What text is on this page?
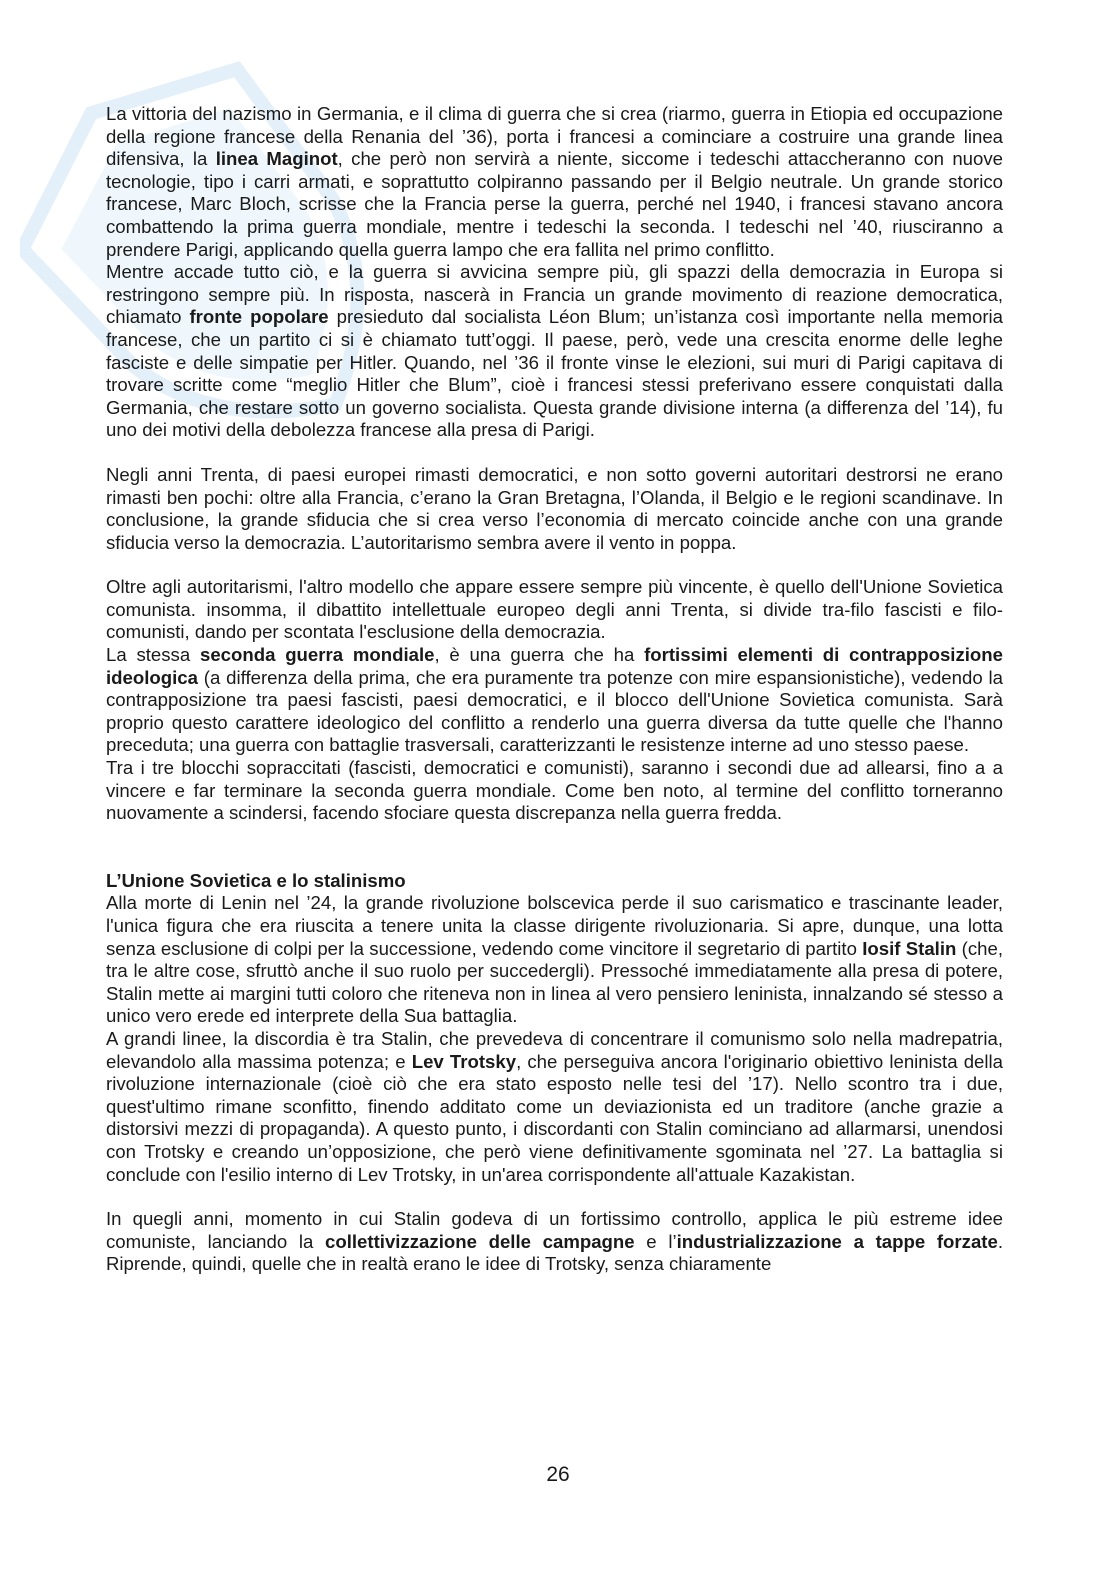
La vittoria del nazismo in Germania, e il clima di guerra che si crea (riarmo, guerra in Etiopia ed occupazione della regione francese della Renania del ’36), porta i francesi a cominciare a costruire una grande linea difensiva, la linea Maginot, che però non servirà a niente, siccome i tedeschi attaccheranno con nuove tecnologie, tipo i carri armati, e soprattutto colpiranno passando per il Belgio neutrale. Un grande storico francese, Marc Bloch, scrisse che la Francia perse la guerra, perché nel 1940, i francesi stavano ancora combattendo la prima guerra mondiale, mentre i tedeschi la seconda. I tedeschi nel ’40, riusciranno a prendere Parigi, applicando quella guerra lampo che era fallita nel primo conflitto.

Mentre accade tutto ciò, e la guerra si avvicina sempre più, gli spazzi della democrazia in Europa si restringono sempre più. In risposta, nascerà in Francia un grande movimento di reazione democratica, chiamato fronte popolare presieduto dal socialista Léon Blum; un’istanza così importante nella memoria francese, che un partito ci si è chiamato tutt’oggi. Il paese, però, vede una crescita enorme delle leghe fasciste e delle simpatie per Hitler. Quando, nel ’36 il fronte vinse le elezioni, sui muri di Parigi capitava di trovare scritte come “meglio Hitler che Blum”, cioè i francesi stessi preferivano essere conquistati dalla Germania, che restare sotto un governo socialista. Questa grande divisione interna (a differenza del ’14), fu uno dei motivi della debolezza francese alla presa di Parigi.

Negli anni Trenta, di paesi europei rimasti democratici, e non sotto governi autoritari destrorsi ne erano rimasti ben pochi: oltre alla Francia, c’erano la Gran Bretagna, l’Olanda, il Belgio e le regioni scandinave. In conclusione, la grande sfiducia che si crea verso l’economia di mercato coincide anche con una grande sfiducia verso la democrazia. L’autoritarismo sembra avere il vento in poppa.

Oltre agli autoritarismi, l'altro modello che appare essere sempre più vincente, è quello dell'Unione Sovietica comunista. insomma, il dibattito intellettuale europeo degli anni Trenta, si divide tra-filo fascisti e filo-comunisti, dando per scontata l'esclusione della democrazia.

La stessa seconda guerra mondiale, è una guerra che ha fortissimi elementi di contrapposizione ideologica (a differenza della prima, che era puramente tra potenze con mire espansionistiche), vedendo la contrapposizione tra paesi fascisti, paesi democratici, e il blocco dell'Unione Sovietica comunista. Sarà proprio questo carattere ideologico del conflitto a renderlo una guerra diversa da tutte quelle che l'hanno preceduta; una guerra con battaglie trasversali, caratterizzanti le resistenze interne ad uno stesso paese.

Tra i tre blocchi sopraccitati (fascisti, democratici e comunisti), saranno i secondi due ad allearsi, fino a a vincere e far terminare la seconda guerra mondiale. Come ben noto, al termine del conflitto torneranno nuovamente a scindersi, facendo sfociare questa discrepanza nella guerra fredda.

L’Unione Sovietica e lo stalinismo

Alla morte di Lenin nel ’24, la grande rivoluzione bolscevica perde il suo carismatico e trascinante leader, l'unica figura che era riuscita a tenere unita la classe dirigente rivoluzionaria. Si apre, dunque, una lotta senza esclusione di colpi per la successione, vedendo come vincitore il segretario di partito Iosif Stalin (che, tra le altre cose, sfruttò anche il suo ruolo per succedergli). Pressoché immediatamente alla presa di potere, Stalin mette ai margini tutti coloro che riteneva non in linea al vero pensiero leninista, innalzando sé stesso a unico vero erede ed interprete della Sua battaglia.

A grandi linee, la discordia è tra Stalin, che prevedeva di concentrare il comunismo solo nella madrepatria, elevandolo alla massima potenza; e Lev Trotsky, che perseguiva ancora l'originario obiettivo leninista della rivoluzione internazionale (cioè ciò che era stato esposto nelle tesi del ’17). Nello scontro tra i due, quest'ultimo rimane sconfitto, finendo additato come un deviazionista ed un traditore (anche grazie a distorsivi mezzi di propaganda). A questo punto, i discordanti con Stalin cominciano ad allarmarsi, unendosi con Trotsky e creando un’opposizione, che però viene definitivamente sgominata nel ’27. La battaglia si conclude con l'esilio interno di Lev Trotsky, in un'area corrispondente all'attuale Kazakistan.

In quegli anni, momento in cui Stalin godeva di un fortissimo controllo, applica le più estreme idee comuniste, lanciando la collettivizzazione delle campagne e l’industrializzazione a tappe forzate. Riprende, quindi, quelle che in realtà erano le idee di Trotsky, senza chiaramente

26
